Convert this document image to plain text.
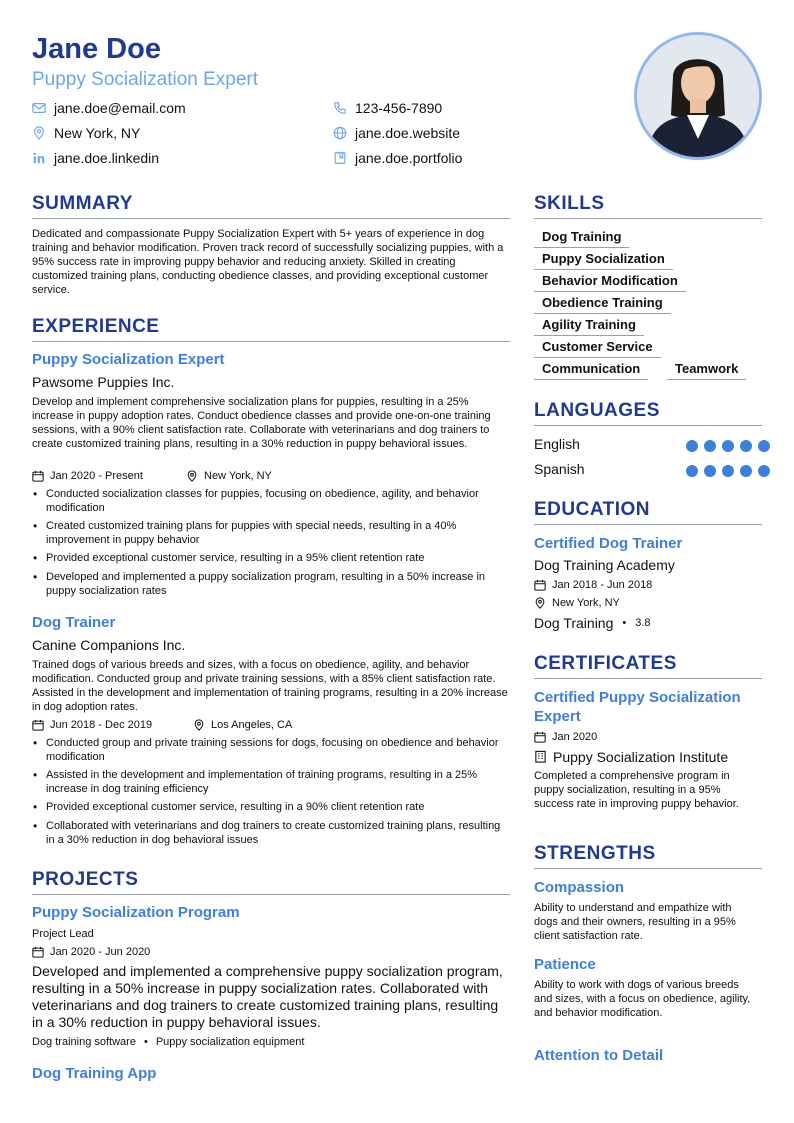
Jane Doe
Puppy Socialization Expert
jane.doe@email.com	123-456-7890
New York, NY	jane.doe.website
jane.doe.linkedin	jane.doe.portfolio
SUMMARY
Dedicated and compassionate Puppy Socialization Expert with 5+ years of experience in dog training and behavior modification. Proven track record of successfully socializing puppies, with a 95% success rate in improving puppy behavior and reducing anxiety. Skilled in creating customized training plans, conducting obedience classes, and providing exceptional customer service.
EXPERIENCE
Puppy Socialization Expert
Pawsome Puppies Inc.
Develop and implement comprehensive socialization plans for puppies, resulting in a 25% increase in puppy adoption rates. Conduct obedience classes and provide one-on-one training sessions, with a 90% client satisfaction rate. Collaborate with veterinarians and dog trainers to create customized training plans, resulting in a 30% reduction in puppy behavioral issues.
Jan 2020 - Present	New York, NY
• Conducted socialization classes for puppies, focusing on obedience, agility, and behavior modification
• Created customized training plans for puppies with special needs, resulting in a 40% improvement in puppy behavior
• Provided exceptional customer service, resulting in a 95% client retention rate
• Developed and implemented a puppy socialization program, resulting in a 50% increase in puppy socialization rates
Dog Trainer
Canine Companions Inc.
Trained dogs of various breeds and sizes, with a focus on obedience, agility, and behavior modification. Conducted group and private training sessions, with a 85% client satisfaction rate. Assisted in the development and implementation of training programs, resulting in a 20% increase in dog adoption rates.
Jun 2018 - Dec 2019	Los Angeles, CA
• Conducted group and private training sessions for dogs, focusing on obedience and behavior modification
• Assisted in the development and implementation of training programs, resulting in a 25% increase in dog training efficiency
• Provided exceptional customer service, resulting in a 90% client retention rate
• Collaborated with veterinarians and dog trainers to create customized training plans, resulting in a 30% reduction in dog behavioral issues
PROJECTS
Puppy Socialization Program
Project Lead
Jan 2020 - Jun 2020
Developed and implemented a comprehensive puppy socialization program, resulting in a 50% increase in puppy socialization rates. Collaborated with veterinarians and dog trainers to create customized training plans, resulting in a 30% reduction in puppy behavioral issues.
Dog training software • Puppy socialization equipment
Dog Training App
SKILLS
Dog Training
Puppy Socialization
Behavior Modification
Obedience Training
Agility Training
Customer Service
Communication	Teamwork
LANGUAGES
English
Spanish
EDUCATION
Certified Dog Trainer
Dog Training Academy
Jan 2018 - Jun 2018
New York, NY
Dog Training • 3.8
CERTIFICATES
Certified Puppy Socialization Expert
Jan 2020
Puppy Socialization Institute
Completed a comprehensive program in puppy socialization, resulting in a 95% success rate in improving puppy behavior.
STRENGTHS
Compassion
Ability to understand and empathize with dogs and their owners, resulting in a 95% client satisfaction rate.
Patience
Ability to work with dogs of various breeds and sizes, with a focus on obedience, agility, and behavior modification.
Attention to Detail
